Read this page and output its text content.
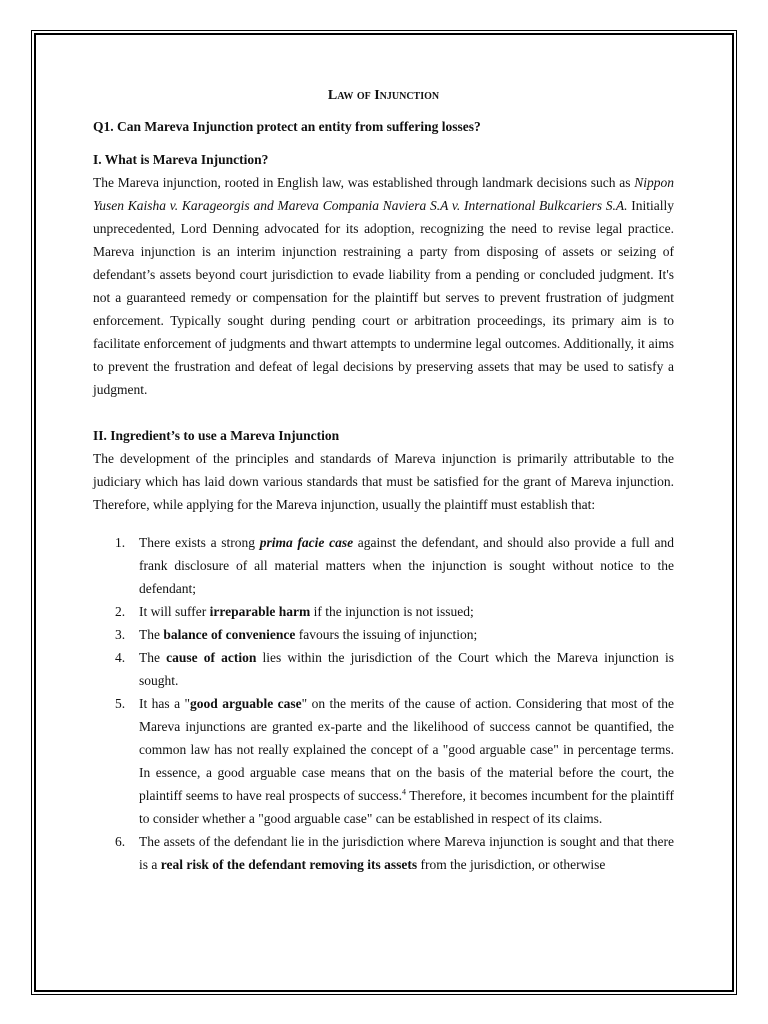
Law of Injunction
Q1. Can Mareva Injunction protect an entity from suffering losses?
I. What is Mareva Injunction?

The Mareva injunction, rooted in English law, was established through landmark decisions such as Nippon Yusen Kaisha v. Karageorgis and Mareva Compania Naviera S.A v. International Bulkcariers S.A. Initially unprecedented, Lord Denning advocated for its adoption, recognizing the need to revise legal practice. Mareva injunction is an interim injunction restraining a party from disposing of assets or seizing of defendant’s assets beyond court jurisdiction to evade liability from a pending or concluded judgment. It's not a guaranteed remedy or compensation for the plaintiff but serves to prevent frustration of judgment enforcement. Typically sought during pending court or arbitration proceedings, its primary aim is to facilitate enforcement of judgments and thwart attempts to undermine legal outcomes. Additionally, it aims to prevent the frustration and defeat of legal decisions by preserving assets that may be used to satisfy a judgment.

II. Ingredient’s to use a Mareva Injunction

The development of the principles and standards of Mareva injunction is primarily attributable to the judiciary which has laid down various standards that must be satisfied for the grant of Mareva injunction. Therefore, while applying for the Mareva injunction, usually the plaintiff must establish that:

1. There exists a strong prima facie case against the defendant, and should also provide a full and frank disclosure of all material matters when the injunction is sought without notice to the defendant;
2. It will suffer irreparable harm if the injunction is not issued;
3. The balance of convenience favours the issuing of injunction;
4. The cause of action lies within the jurisdiction of the Court which the Mareva injunction is sought.
5. It has a "good arguable case" on the merits of the cause of action. Considering that most of the Mareva injunctions are granted ex-parte and the likelihood of success cannot be quantified, the common law has not really explained the concept of a "good arguable case" in percentage terms. In essence, a good arguable case means that on the basis of the material before the court, the plaintiff seems to have real prospects of success.$^4$ Therefore, it becomes incumbent for the plaintiff to consider whether a "good arguable case" can be established in respect of its claims.
6. The assets of the defendant lie in the jurisdiction where Mareva injunction is sought and that there is a real risk of the defendant removing its assets from the jurisdiction, or otherwise
